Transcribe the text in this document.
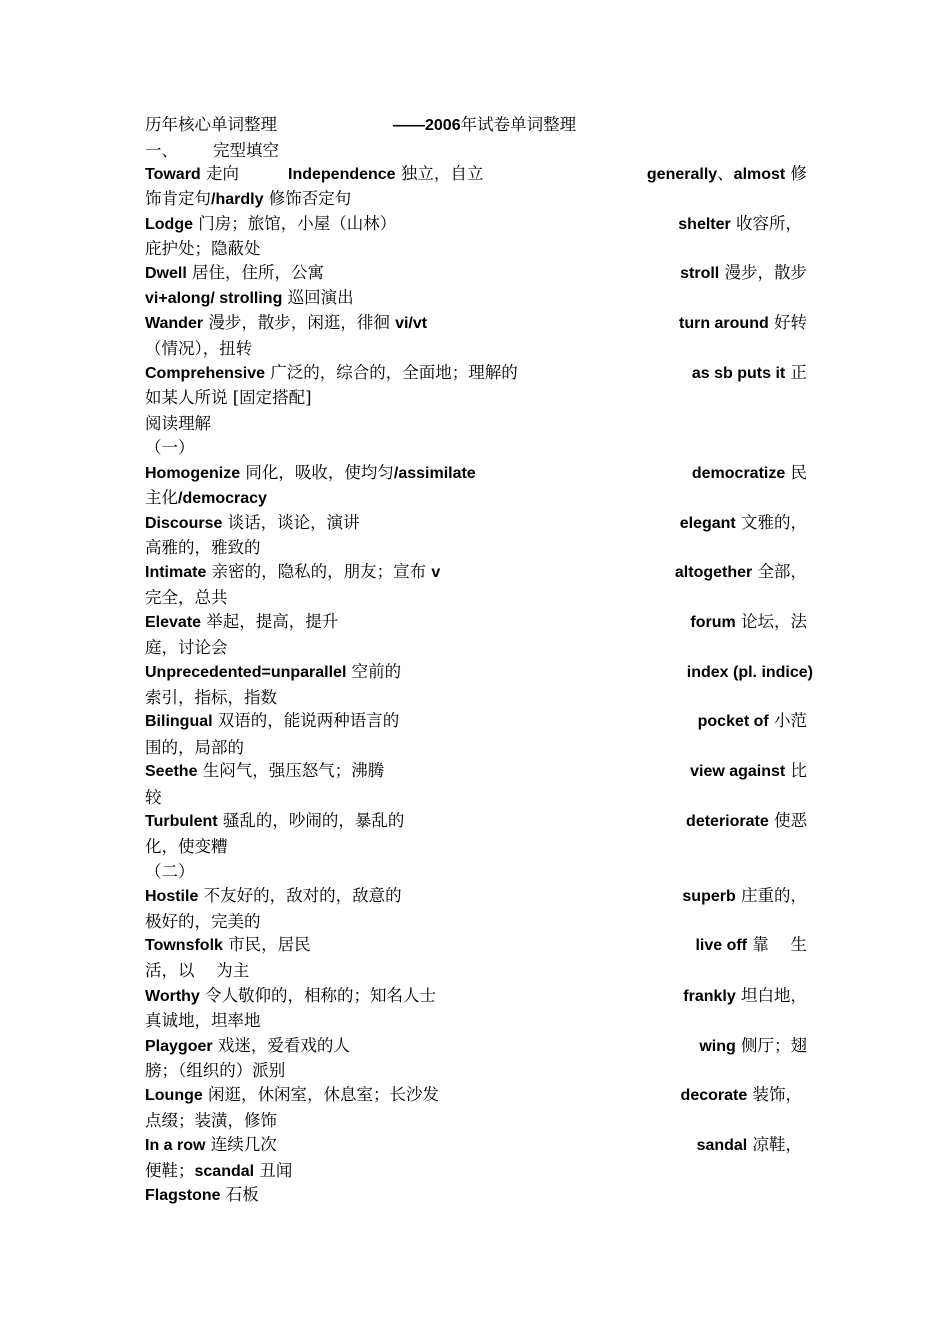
历年核心单词整理	——2006年试卷单词整理
一、 完型填空
Toward 走向	Independence 独立，自立	generally、almost 修
饰肯定句/hardly 修饰否定句
Lodge 门房；旅馆，小屋（山林）	shelter 收容所，
庇护处；隐蔽处
Dwell 居住，住所，公寓	stroll 漫步，散步
vi+along/ strolling 巡回演出
Wander 漫步，散步，闲逛，徘徊 vi/vt	turn around 好转
（情况），扭转
Comprehensive 广泛的，综合的，全面地；理解的	as sb puts it 正
如某人所说 [固定搭配]
阅读理解
（一）
Homogenize 同化，吸收，使均匀/assimilate	democratize 民
主化/democracy
Discourse 谈话，谈论，演讲	elegant 文雅的，
高雅的，雅致的
Intimate 亲密的，隐私的，朋友；宣布 v	altogether 全部，
完全，总共
Elevate 举起，提高，提升	forum 论坛，法
庭，讨论会
Unprecedented=unparallel 空前的	index (pl. indice)
索引，指标，指数
Bilingual 双语的，能说两种语言的	pocket of 小范
围的，局部的
Seethe 生闷气，强压怒气；沸腾	view against 比
较
Turbulent 骚乱的，吵闹的，暴乱的	deteriorate 使恶
化，使变糟
（二）
Hostile 不友好的，敌对的，敌意的	superb 庄重的，
极好的，完美的
Townsfolk 市民，居民	live off 靠　 生
活，以　 为主
Worthy 令人敬仰的，相称的；知名人士	frankly 坦白地，
真诚地，坦率地
Playgoer 戏迷，爱看戏的人	wing 侧厅；翅
膀；（组织的）派别
Lounge 闲逛，休闲室，休息室；长沙发	decorate 装饰，
点缀；装潢，修饰
In a row 连续几次	sandal 凉鞋，
便鞋；scandal 丑闻
Flagstone 石板
